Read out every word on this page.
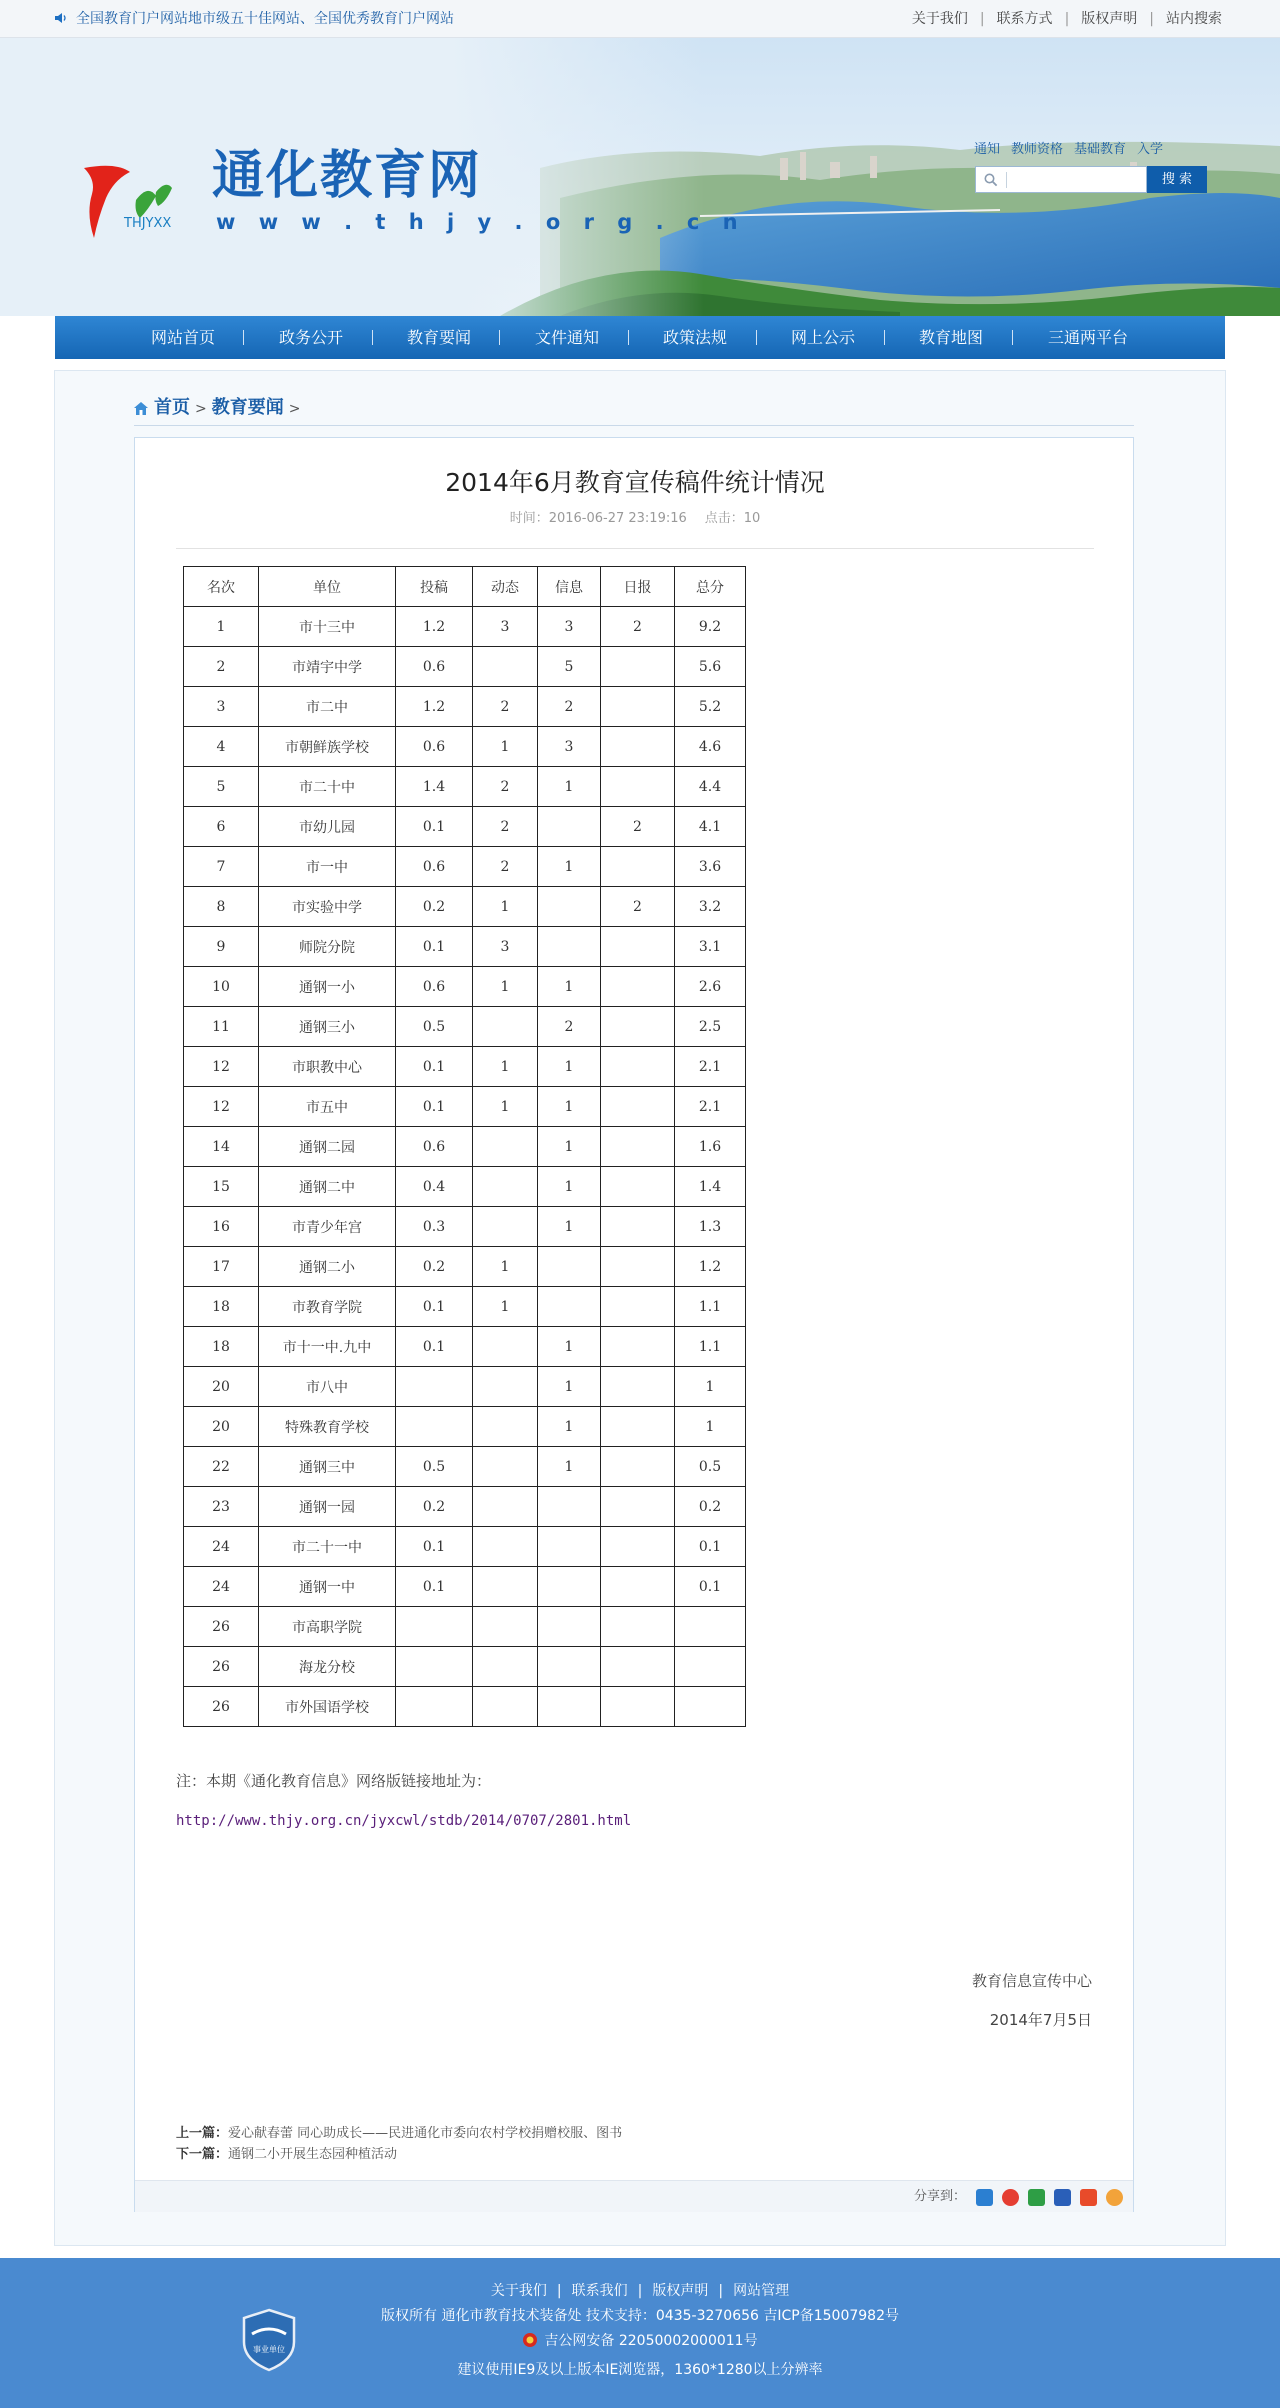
全国教育门户网站地市级五十佳网站、全国优秀教育门户网站	关于我们 | 联系方式 | 版权声明 | 站内搜索
通化教育网
w w w . t h j y . o r g . c n
THJYXX
通知 教师资格 基础教育 入学
搜 索
网站首页	政务公开	教育要闻	文件通知	政策法规	网上公示	教育地图	三通两平台
首页 > 教育要闻 >
2014年6月教育宣传稿件统计情况
时间：2016-06-27 23:19:16 点击：10
名次	单位	投稿	动态	信息	日报	总分
1	市十三中	1.2	3	3	2	9.2
2	市靖宇中学	0.6		5		5.6
3	市二中	1.2	2	2		5.2
4	市朝鲜族学校	0.6	1	3		4.6
5	市二十中	1.4	2	1		4.4
6	市幼儿园	0.1	2		2	4.1
7	市一中	0.6	2	1		3.6
8	市实验中学	0.2	1		2	3.2
9	师院分院	0.1	3			3.1
10	通钢一小	0.6	1	1		2.6
11	通钢三小	0.5		2		2.5
12	市职教中心	0.1	1	1		2.1
12	市五中	0.1	1	1		2.1
14	通钢二园	0.6		1		1.6
15	通钢二中	0.4		1		1.4
16	市青少年宫	0.3		1		1.3
17	通钢二小	0.2	1			1.2
18	市教育学院	0.1	1			1.1
18	市十一中.九中	0.1		1		1.1
20	市八中			1		1
20	特殊教育学校			1		1
22	通钢三中	0.5		1		0.5
23	通钢一园	0.2				0.2
24	市二十一中	0.1				0.1
24	通钢一中	0.1				0.1
26	市高职学院					
26	海龙分校					
26	市外国语学校					
注：本期《通化教育信息》网络版链接地址为：
http://www.thjy.org.cn/jyxcwl/stdb/2014/0707/2801.html
教育信息宣传中心
2014年7月5日
上一篇：爱心献春蕾 同心助成长——民进通化市委向农村学校捐赠校服、图书
下一篇：通钢二小开展生态园种植活动
分享到：
关于我们 | 联系我们 | 版权声明 | 网站管理
版权所有 通化市教育技术装备处 技术支持：0435-3270656 吉ICP备15007982号
吉公网安备 22050002000011号
建议使用IE9及以上版本IE浏览器，1360*1280以上分辨率
事业单位
